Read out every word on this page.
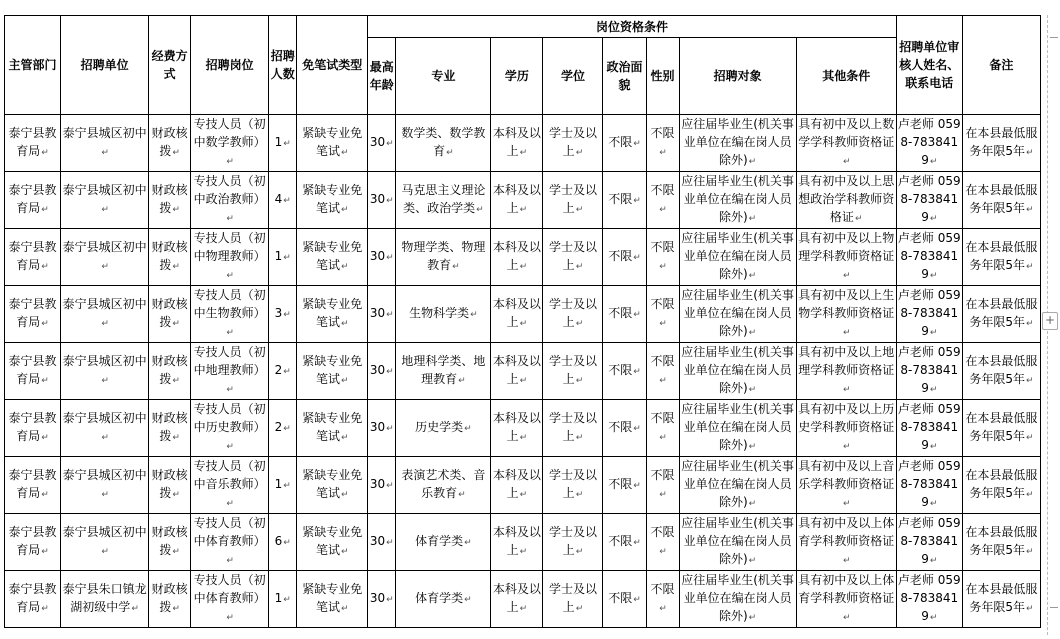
主管部门	招聘单位	经费方式	招聘岗位	招聘人数	免笔试类型	岗位资格条件								招聘单位审核人姓名、联系电话	备注
						最高年龄	专业	学历	学位	政治面貌	性别	招聘对象	其他条件		
泰宁县教育局 ↵	泰宁县城区初中 ↵	财政核拨 ↵	专技人员（初中数学教师） ↵	1 ↵	紧缺专业免笔试 ↵	30 ↵	数学类、数学教育 ↵	本科及以上 ↵	学士及以上 ↵	不限 ↵	不限 ↵	应往届毕业生(机关事业单位在编在岗人员除外) ↵	具有初中及以上数学学科教师资格证 ↵	卢老师 0598-7838419 ↵	在本县最低服务年限5年 ↵
泰宁县教育局 ↵	泰宁县城区初中 ↵	财政核拨 ↵	专技人员（初中政治教师） ↵	4 ↵	紧缺专业免笔试 ↵	30 ↵	马克思主义理论类、政治学类 ↵	本科及以上 ↵	学士及以上 ↵	不限 ↵	不限 ↵	应往届毕业生(机关事业单位在编在岗人员除外) ↵	具有初中及以上思想政治学科教师资格证 ↵	卢老师 0598-7838419 ↵	在本县最低服务年限5年 ↵
泰宁县教育局 ↵	泰宁县城区初中 ↵	财政核拨 ↵	专技人员（初中物理教师） ↵	1 ↵	紧缺专业免笔试 ↵	30 ↵	物理学类、物理教育 ↵	本科及以上 ↵	学士及以上 ↵	不限 ↵	不限 ↵	应往届毕业生(机关事业单位在编在岗人员除外) ↵	具有初中及以上物理学科教师资格证 ↵	卢老师 0598-7838419 ↵	在本县最低服务年限5年 ↵
泰宁县教育局 ↵	泰宁县城区初中 ↵	财政核拨 ↵	专技人员（初中生物教师） ↵	3 ↵	紧缺专业免笔试 ↵	30 ↵	生物科学类 ↵	本科及以上 ↵	学士及以上 ↵	不限 ↵	不限 ↵	应往届毕业生(机关事业单位在编在岗人员除外) ↵	具有初中及以上生物学科教师资格证 ↵	卢老师 0598-7838419 ↵	在本县最低服务年限5年 ↵
泰宁县教育局 ↵	泰宁县城区初中 ↵	财政核拨 ↵	专技人员（初中地理教师） ↵	2 ↵	紧缺专业免笔试 ↵	30 ↵	地理科学类、地理教育 ↵	本科及以上 ↵	学士及以上 ↵	不限 ↵	不限 ↵	应往届毕业生(机关事业单位在编在岗人员除外) ↵	具有初中及以上地理学科教师资格证 ↵	卢老师 0598-7838419 ↵	在本县最低服务年限5年 ↵
泰宁县教育局 ↵	泰宁县城区初中 ↵	财政核拨 ↵	专技人员（初中历史教师） ↵	2 ↵	紧缺专业免笔试 ↵	30 ↵	历史学类 ↵	本科及以上 ↵	学士及以上 ↵	不限 ↵	不限 ↵	应往届毕业生(机关事业单位在编在岗人员除外) ↵	具有初中及以上历史学科教师资格证 ↵	卢老师 0598-7838419 ↵	在本县最低服务年限5年 ↵
泰宁县教育局 ↵	泰宁县城区初中 ↵	财政核拨 ↵	专技人员（初中音乐教师） ↵	1 ↵	紧缺专业免笔试 ↵	30 ↵	表演艺术类、音乐教育 ↵	本科及以上 ↵	学士及以上 ↵	不限 ↵	不限 ↵	应往届毕业生(机关事业单位在编在岗人员除外) ↵	具有初中及以上音乐学科教师资格证 ↵	卢老师 0598-7838419 ↵	在本县最低服务年限5年 ↵
泰宁县教育局 ↵	泰宁县城区初中 ↵	财政核拨 ↵	专技人员（初中体育教师） ↵	6 ↵	紧缺专业免笔试 ↵	30 ↵	体育学类 ↵	本科及以上 ↵	学士及以上 ↵	不限 ↵	不限 ↵	应往届毕业生(机关事业单位在编在岗人员除外) ↵	具有初中及以上体育学科教师资格证 ↵	卢老师 0598-7838419 ↵	在本县最低服务年限5年 ↵
泰宁县教育局 ↵	泰宁县朱口镇龙湖初级中学 ↵	财政核拨 ↵	专技人员（初中体育教师） ↵	1 ↵	紧缺专业免笔试 ↵	30 ↵	体育学类 ↵	本科及以上 ↵	学士及以上 ↵	不限 ↵	不限 ↵	应往届毕业生(机关事业单位在编在岗人员除外) ↵	具有初中及以上体育学科教师资格证 ↵	卢老师 0598-7838419 ↵	在本县最低服务年限5年 ↵
+
